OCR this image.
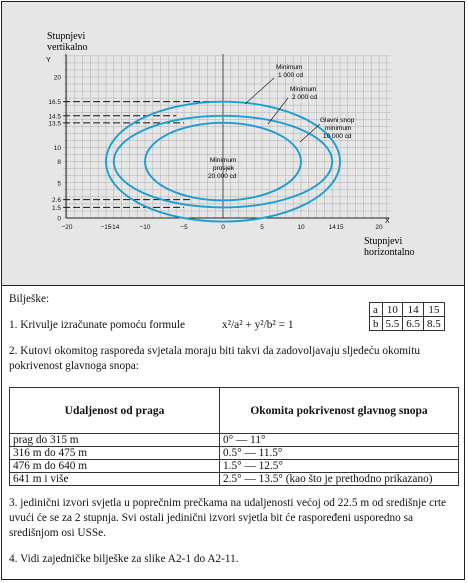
20
16.5
14.5
13.5
10
8
5
2.6
1.5
0
−20	−15
−14	−10	−5	0	5	10	14 15	20
Stupnjevi
vertikalno
Y
X
Stupnjevi
horizontalno
Minimum
1 000 cd
Minimum
2 000 cd
Glavni snop
minimum
10 000 cd
Minimum
prosjek
20 000 cd
Bilješke:
1. Krivulje izračunate pomoću formule	x²/a² + y²/b² = 1
a	10	14	15
b	5.5	6.5	8.5
2. Kutovi okomitog rasporeda svjetala moraju biti takvi da zadovoljavaju sljedeću okomitu pokrivenost glavnoga snopa:
Udaljenost od praga	Okomita pokrivenost glavnog snopa
prag do 315 m	0° — 11°
316 m do 475 m	0.5° — 11.5°
476 m do 640 m	1.5° — 12.5°
641 m i više	2.5° — 13.5° (kao što je prethodno prikazano)
3. jedinični izvori svjetla u poprečnim prečkama na udaljenosti većoj od 22.5 m od središnje crte uvući će se za 2 stupnja. Svi ostali jedinični izvori svjetla bit će raspoređeni usporedno sa središnjom osi USSe.
4. Vidi zajedničke bilješke za slike A2-1 do A2-11.
